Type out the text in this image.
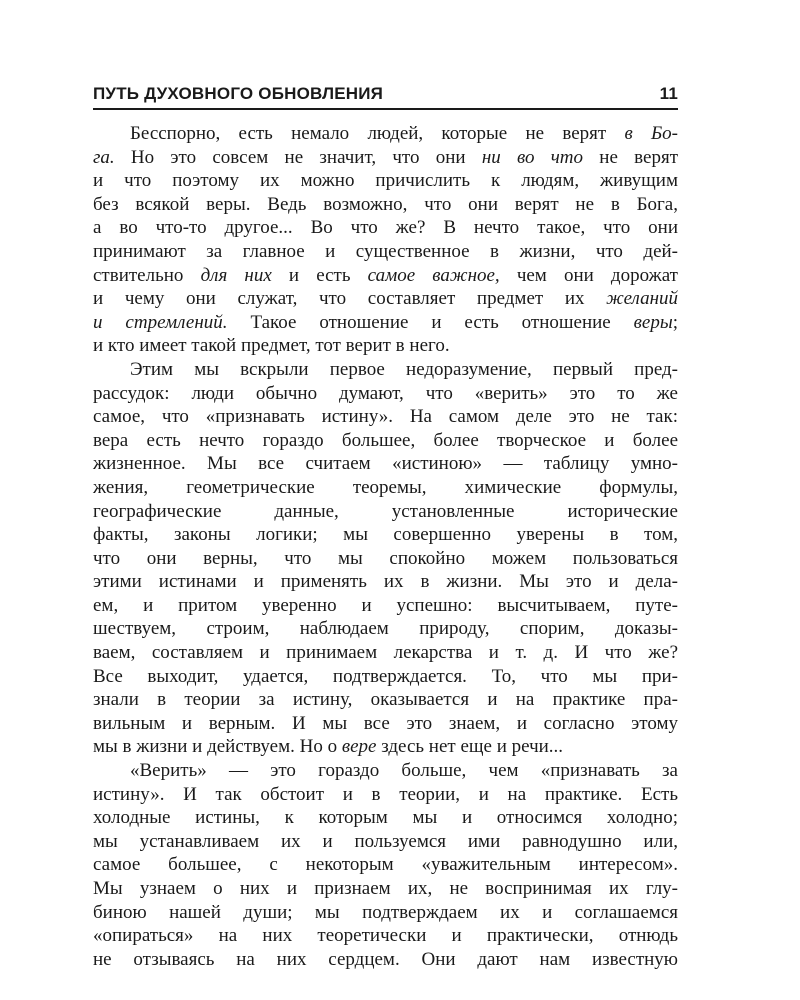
ПУТЬ ДУХОВНОГО ОБНОВЛЕНИЯ	11
Бесспорно, есть немало людей, которые не верят в Бо-
га. Но это совсем не значит, что они ни во что не верят
и что поэтому их можно причислить к людям, живущим
без всякой веры. Ведь возможно, что они верят не в Бога,
а во что-то другое... Во что же? В нечто такое, что они
принимают за главное и существенное в жизни, что дей-
ствительно для них и есть самое важное, чем они дорожат
и чему они служат, что составляет предмет их желаний
и стремлений. Такое отношение и есть отношение веры;
и кто имеет такой предмет, тот верит в него.
Этим мы вскрыли первое недоразумение, первый пред-
рассудок: люди обычно думают, что «верить» это то же
самое, что «признавать истину». На самом деле это не так:
вера есть нечто гораздо большее, более творческое и более
жизненное. Мы все считаем «истиною» — таблицу умно-
жения, геометрические теоремы, химические формулы,
географические данные, установленные исторические
факты, законы логики; мы совершенно уверены в том,
что они верны, что мы спокойно можем пользоваться
этими истинами и применять их в жизни. Мы это и дела-
ем, и притом уверенно и успешно: высчитываем, путе-
шествуем, строим, наблюдаем природу, спорим, доказы-
ваем, составляем и принимаем лекарства и т. д. И что же?
Все выходит, удается, подтверждается. То, что мы при-
знали в теории за истину, оказывается и на практике пра-
вильным и верным. И мы все это знаем, и согласно этому
мы в жизни и действуем. Но о вере здесь нет еще и речи...
«Верить» — это гораздо больше, чем «признавать за
истину». И так обстоит и в теории, и на практике. Есть
холодные истины, к которым мы и относимся холодно;
мы устанавливаем их и пользуемся ими равнодушно или,
самое большее, с некоторым «уважительным интересом».
Мы узнаем о них и признаем их, не воспринимая их глу-
биною нашей души; мы подтверждаем их и соглашаемся
«опираться» на них теоретически и практически, отнюдь
не отзываясь на них сердцем. Они дают нам известную
